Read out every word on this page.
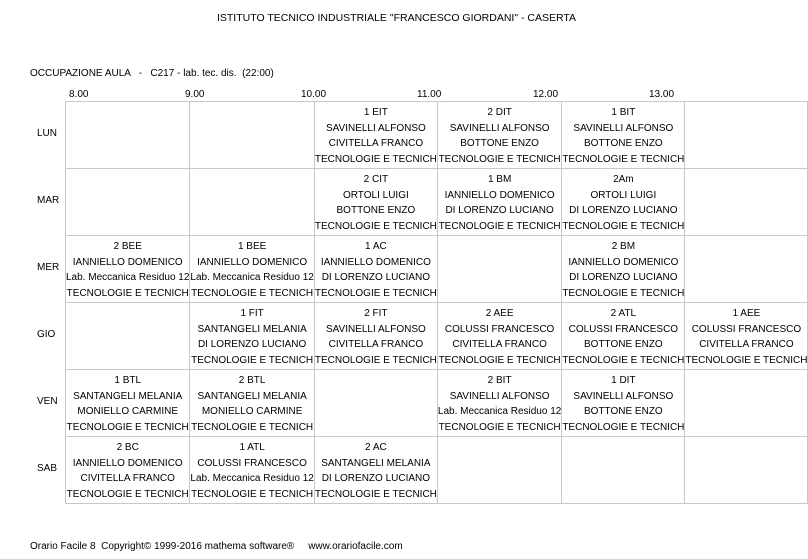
ISTITUTO TECNICO INDUSTRIALE "FRANCESCO GIORDANI" - CASERTA
OCCUPAZIONE AULA   -   C217 - lab. tec. dis.  (22:00)
8.00	9.00	10.00	11.00	12.00	13.00
LUN
MAR
MER
GIO
VEN
SAB

		1 EIT
SAVINELLI ALFONSO
CIVITELLA FRANCO
TECNOLOGIE E TECNICH	2 DIT
SAVINELLI ALFONSO
BOTTONE ENZO
TECNOLOGIE E TECNICH	1 BIT
SAVINELLI ALFONSO
BOTTONE ENZO
TECNOLOGIE E TECNICH	

		2 CIT
ORTOLI LUIGI
BOTTONE ENZO
TECNOLOGIE E TECNICH	1 BM
IANNIELLO DOMENICO
DI LORENZO LUCIANO
TECNOLOGIE E TECNICH	2Am
ORTOLI LUIGI
DI LORENZO LUCIANO
TECNOLOGIE E TECNICH	

2 BEE
IANNIELLO DOMENICO
Lab. Meccanica Residuo 12
TECNOLOGIE E TECNICH	1 BEE
IANNIELLO DOMENICO
Lab. Meccanica Residuo 12
TECNOLOGIE E TECNICH	1 AC
IANNIELLO DOMENICO
DI LORENZO LUCIANO
TECNOLOGIE E TECNICH		2 BM
IANNIELLO DOMENICO
DI LORENZO LUCIANO
TECNOLOGIE E TECNICH	

	1 FIT
SANTANGELI MELANIA
DI LORENZO LUCIANO
TECNOLOGIE E TECNICH	2 FIT
SAVINELLI ALFONSO
CIVITELLA FRANCO
TECNOLOGIE E TECNICH	2 AEE
COLUSSI FRANCESCO
CIVITELLA FRANCO
TECNOLOGIE E TECNICH	2 ATL
COLUSSI FRANCESCO
BOTTONE ENZO
TECNOLOGIE E TECNICH	1 AEE
COLUSSI FRANCESCO
CIVITELLA FRANCO
TECNOLOGIE E TECNICH

1 BTL
SANTANGELI MELANIA
MONIELLO CARMINE
TECNOLOGIE E TECNICH	2 BTL
SANTANGELI MELANIA
MONIELLO CARMINE
TECNOLOGIE E TECNICH		2 BIT
SAVINELLI ALFONSO
Lab. Meccanica Residuo 12
TECNOLOGIE E TECNICH	1 DIT
SAVINELLI ALFONSO
BOTTONE ENZO
TECNOLOGIE E TECNICH	

2 BC
IANNIELLO DOMENICO
CIVITELLA FRANCO
TECNOLOGIE E TECNICH	1 ATL
COLUSSI FRANCESCO
Lab. Meccanica Residuo 12
TECNOLOGIE E TECNICH	2 AC
SANTANGELI MELANIA
DI LORENZO LUCIANO
TECNOLOGIE E TECNICH			

Orario Facile 8  Copyright© 1999-2016 mathema software®     www.orariofacile.com
